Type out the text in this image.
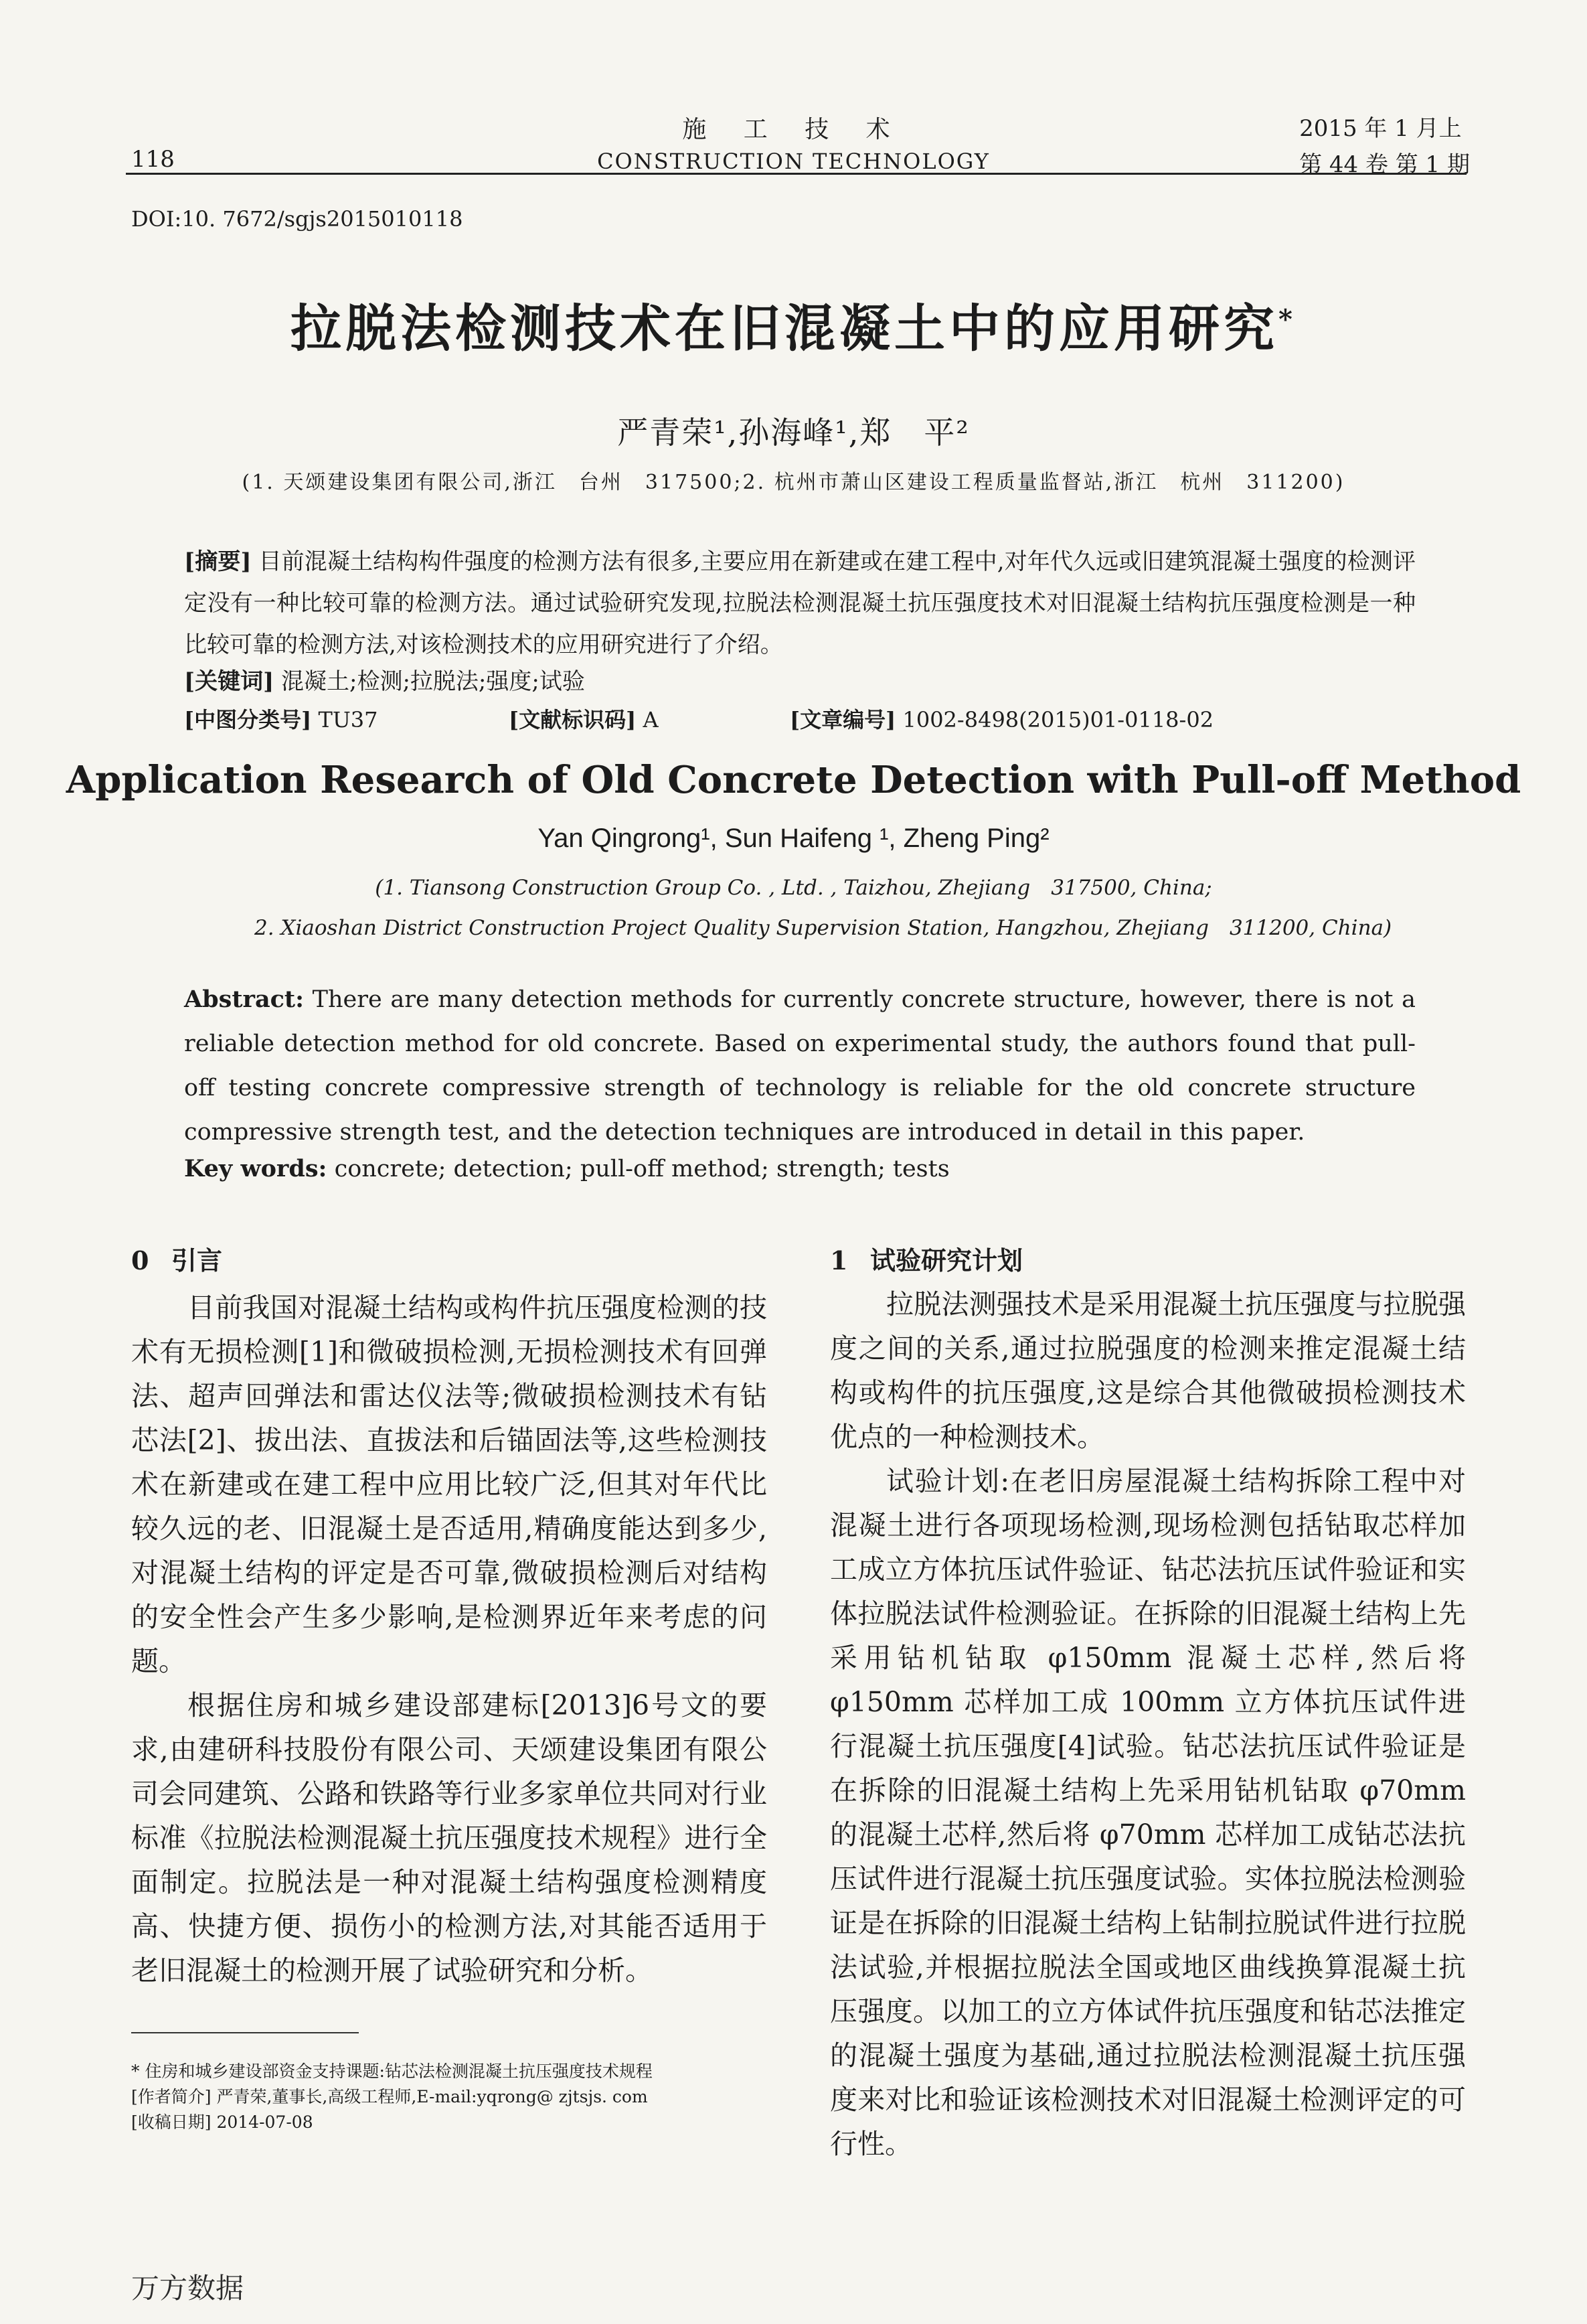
施 工 技 术
CONSTRUCTION TECHNOLOGY
118
2015 年 1 月上
第 44 卷 第 1 期
DOI:10. 7672/sgjs2015010118
拉脱法检测技术在旧混凝土中的应用研究*
严青荣¹,孙海峰¹,郑　平²
(1. 天颂建设集团有限公司,浙江　台州　317500;2. 杭州市萧山区建设工程质量监督站,浙江　杭州　311200)
[摘要] 目前混凝土结构构件强度的检测方法有很多,主要应用在新建或在建工程中,对年代久远或旧建筑混凝土强度的检测评定没有一种比较可靠的检测方法。通过试验研究发现,拉脱法检测混凝土抗压强度技术对旧混凝土结构抗压强度检测是一种比较可靠的检测方法,对该检测技术的应用研究进行了介绍。
[关键词] 混凝土;检测;拉脱法;强度;试验
[中图分类号] TU37	[文献标识码] A	[文章编号] 1002-8498(2015)01-0118-02
Application Research of Old Concrete Detection with Pull-off Method
Yan Qingrong¹, Sun Haifeng ¹, Zheng Ping²
(1. Tiansong Construction Group Co. , Ltd. , Taizhou, Zhejiang　317500, China;
2. Xiaoshan District Construction Project Quality Supervision Station, Hangzhou, Zhejiang　311200, China)
Abstract: There are many detection methods for currently concrete structure, however, there is not a reliable detection method for old concrete. Based on experimental study, the authors found that pull-off testing concrete compressive strength of technology is reliable for the old concrete structure compressive strength test, and the detection techniques are introduced in detail in this paper.
Key words: concrete; detection; pull-off method; strength; tests

0 引言

目前我国对混凝土结构或构件抗压强度检测的技术有无损检测[1]和微破损检测,无损检测技术有回弹法、超声回弹法和雷达仪法等;微破损检测技术有钻芯法[2]、拔出法、直拔法和后锚固法等,这些检测技术在新建或在建工程中应用比较广泛,但其对年代比较久远的老、旧混凝土是否适用,精确度能达到多少,对混凝土结构的评定是否可靠,微破损检测后对结构的安全性会产生多少影响,是检测界近年来考虑的问题。

根据住房和城乡建设部建标[2013]6号文的要求,由建研科技股份有限公司、天颂建设集团有限公司会同建筑、公路和铁路等行业多家单位共同对行业标准《拉脱法检测混凝土抗压强度技术规程》进行全面制定。拉脱法是一种对混凝土结构强度检测精度高、快捷方便、损伤小的检测方法,对其能否适用于老旧混凝土的检测开展了试验研究和分析。

1 试验研究计划

拉脱法测强技术是采用混凝土抗压强度与拉脱强度之间的关系,通过拉脱强度的检测来推定混凝土结构或构件的抗压强度,这是综合其他微破损检测技术优点的一种检测技术。

试验计划:在老旧房屋混凝土结构拆除工程中对混凝土进行各项现场检测,现场检测包括钻取芯样加工成立方体抗压试件验证、钻芯法抗压试件验证和实体拉脱法试件检测验证。在拆除的旧混凝土结构上先采用钻机钻取 φ150mm 混凝土芯样,然后将 φ150mm 芯样加工成 100mm 立方体抗压试件进行混凝土抗压强度[4]试验。钻芯法抗压试件验证是在拆除的旧混凝土结构上先采用钻机钻取 φ70mm 的混凝土芯样,然后将 φ70mm 芯样加工成钻芯法抗压试件进行混凝土抗压强度试验。实体拉脱法检测验证是在拆除的旧混凝土结构上钻制拉脱试件进行拉脱法试验,并根据拉脱法全国或地区曲线换算混凝土抗压强度。以加工的立方体试件抗压强度和钻芯法推定的混凝土强度为基础,通过拉脱法检测混凝土抗压强度来对比和验证该检测技术对旧混凝土检测评定的可行性。

* 住房和城乡建设部资金支持课题:钻芯法检测混凝土抗压强度技术规程
[作者简介] 严青荣,董事长,高级工程师,E-mail:yqrong@ zjtsjs. com
[收稿日期] 2014-07-08
万方数据
